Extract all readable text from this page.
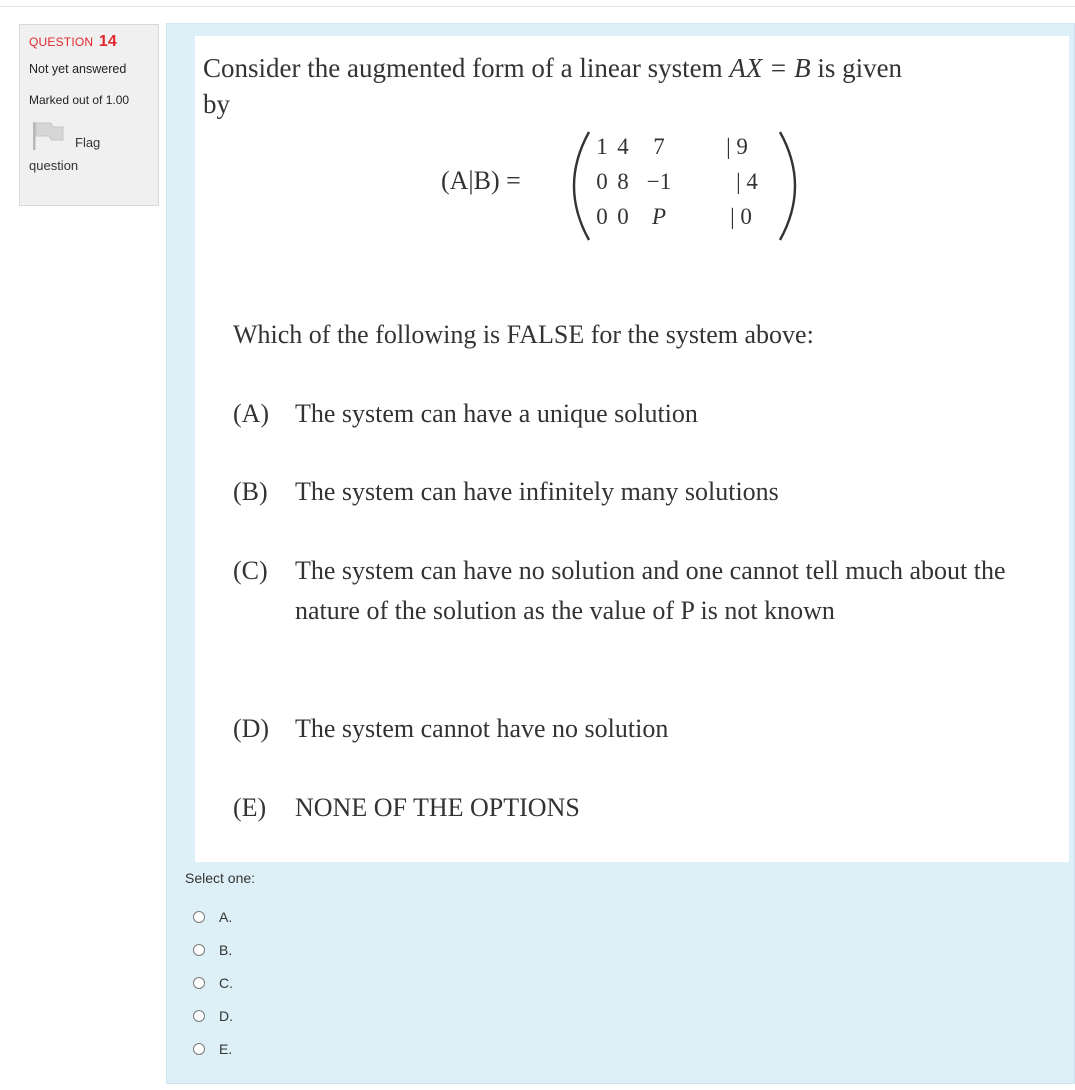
QUESTION 14
Not yet answered
Marked out of 1.00
Flag
question
Consider the augmented form of a linear system AX = B is given
by
(A|B) =
1 4	7	| 9
0 8 −1	| 4
0 0	P	| 0
Which of the following is FALSE for the system above:
(A) The system can have a unique solution
(B) The system can have infinitely many solutions
(C) The system can have no solution and one cannot tell much about the nature of the solution as the value of P is not known
(D) The system cannot have no solution
(E) NONE OF THE OPTIONS
Select one:
A.
B.
C.
D.
E.
